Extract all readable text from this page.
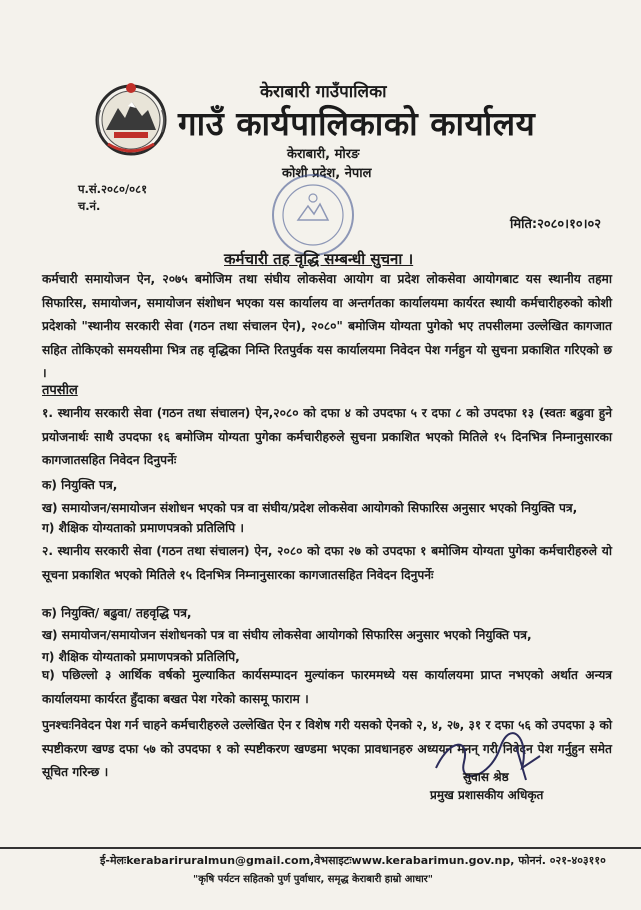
केराबारी गाउँपालिका
गाउँ कार्यपालिकाको कार्यालय
केराबारी, मोरङ
कोशी प्रदेश, नेपाल
प.सं.२०८०/०८१
च.नं.
मिति:२०८०।१०।०२
कर्मचारी तह वृद्धि सम्बन्धी सुचना ।
कर्मचारी समायोजन ऐन, २०७५ बमोजिम तथा संघीय लोकसेवा आयोग वा प्रदेश लोकसेवा आयोगबाट यस स्थानीय तहमा सिफारिस, समायोजन, समायोजन संशोधन भएका यस कार्यालय वा अन्तर्गतका कार्यालयमा कार्यरत स्थायी कर्मचारीहरुको कोशी प्रदेशको "स्थानीय सरकारी सेवा (गठन तथा संचालन ऐन), २०८०" बमोजिम योग्यता पुगेको भए तपसीलमा उल्लेखित कागजात सहित तोकिएको समयसीमा भित्र तह वृद्धिका निम्ति रितपुर्वक यस कार्यालयमा निवेदन पेश गर्नहुन यो सुचना प्रकाशित गरिएको छ ।
तपसील
१. स्थानीय सरकारी सेवा (गठन तथा संचालन) ऐन,२०८० को दफा ४ को उपदफा ५ र दफा ८ को उपदफा १३ (स्वतः बढुवा हुने प्रयोजनार्थः साथै उपदफा १६ बमोजिम योग्यता पुगेका कर्मचारीहरुले सुचना प्रकाशित भएको मितिले १५ दिनभित्र निम्नानुसारका कागजातसहित निवेदन दिनुपर्नेः
क) नियुक्ति पत्र,
ख) समायोजन/समायोजन संशोधन भएको पत्र वा संघीय/प्रदेश लोकसेवा आयोगको सिफारिस अनुसार भएको नियुक्ति पत्र,
२. स्थानीय सरकारी सेवा (गठन तथा संचालन) ऐन, २०८० को दफा २७ को उपदफा १ बमोजिम योग्यता पुगेका कर्मचारीहरुले यो सूचना प्रकाशित भएको मितिले १५ दिनभित्र निम्नानुसारका कागजातसहित निवेदन दिनुपर्नेः
ग) शैक्षिक योग्यताको प्रमाणपत्रको प्रतिलिपि ।
क) नियुक्ति/ बढुवा/ तहवृद्धि पत्र,
ख) समायोजन/समायोजन संशोधनको पत्र वा संघीय लोकसेवा आयोगको सिफारिस अनुसार भएको नियुक्ति पत्र,
ग) शैक्षिक योग्यताको प्रमाणपत्रको प्रतिलिपि,
घ) पछिल्लो ३ आर्थिक वर्षको मुल्याकित कार्यसम्पादन मुल्यांकन फारममध्ये यस कार्यालयमा प्राप्त नभएको अर्थात अन्यत्र कार्यालयमा कार्यरत हुँदाका बखत पेश गरेको कासमू फाराम ।
पुनश्चःनिवेदन पेश गर्न चाहने कर्मचारीहरुले उल्लेखित ऐन र विशेष गरी यसको ऐनको २, ४, २७, ३१ र दफा ५६ को उपदफा ३ को स्पष्टीकरण खण्ड दफा ५७ को उपदफा १ को स्पष्टीकरण खण्डमा भएका प्रावधानहरु अध्ययन मनन् गरी निवेदन पेश गर्नुहुन समेत सूचित गरिन्छ ।	सुवास श्रेष्ठ
प्रमुख प्रशासकीय अधिकृत
ई-मेलःkerabariruralmun@gmail.com,वेभसाइटःwww.kerabarimun.gov.np, फोननं. ०२१-४०३११०
"कृषि पर्यटन सहितको पुर्ण पुर्वाधार, समृद्ध केराबारी हाम्रो आधार"
